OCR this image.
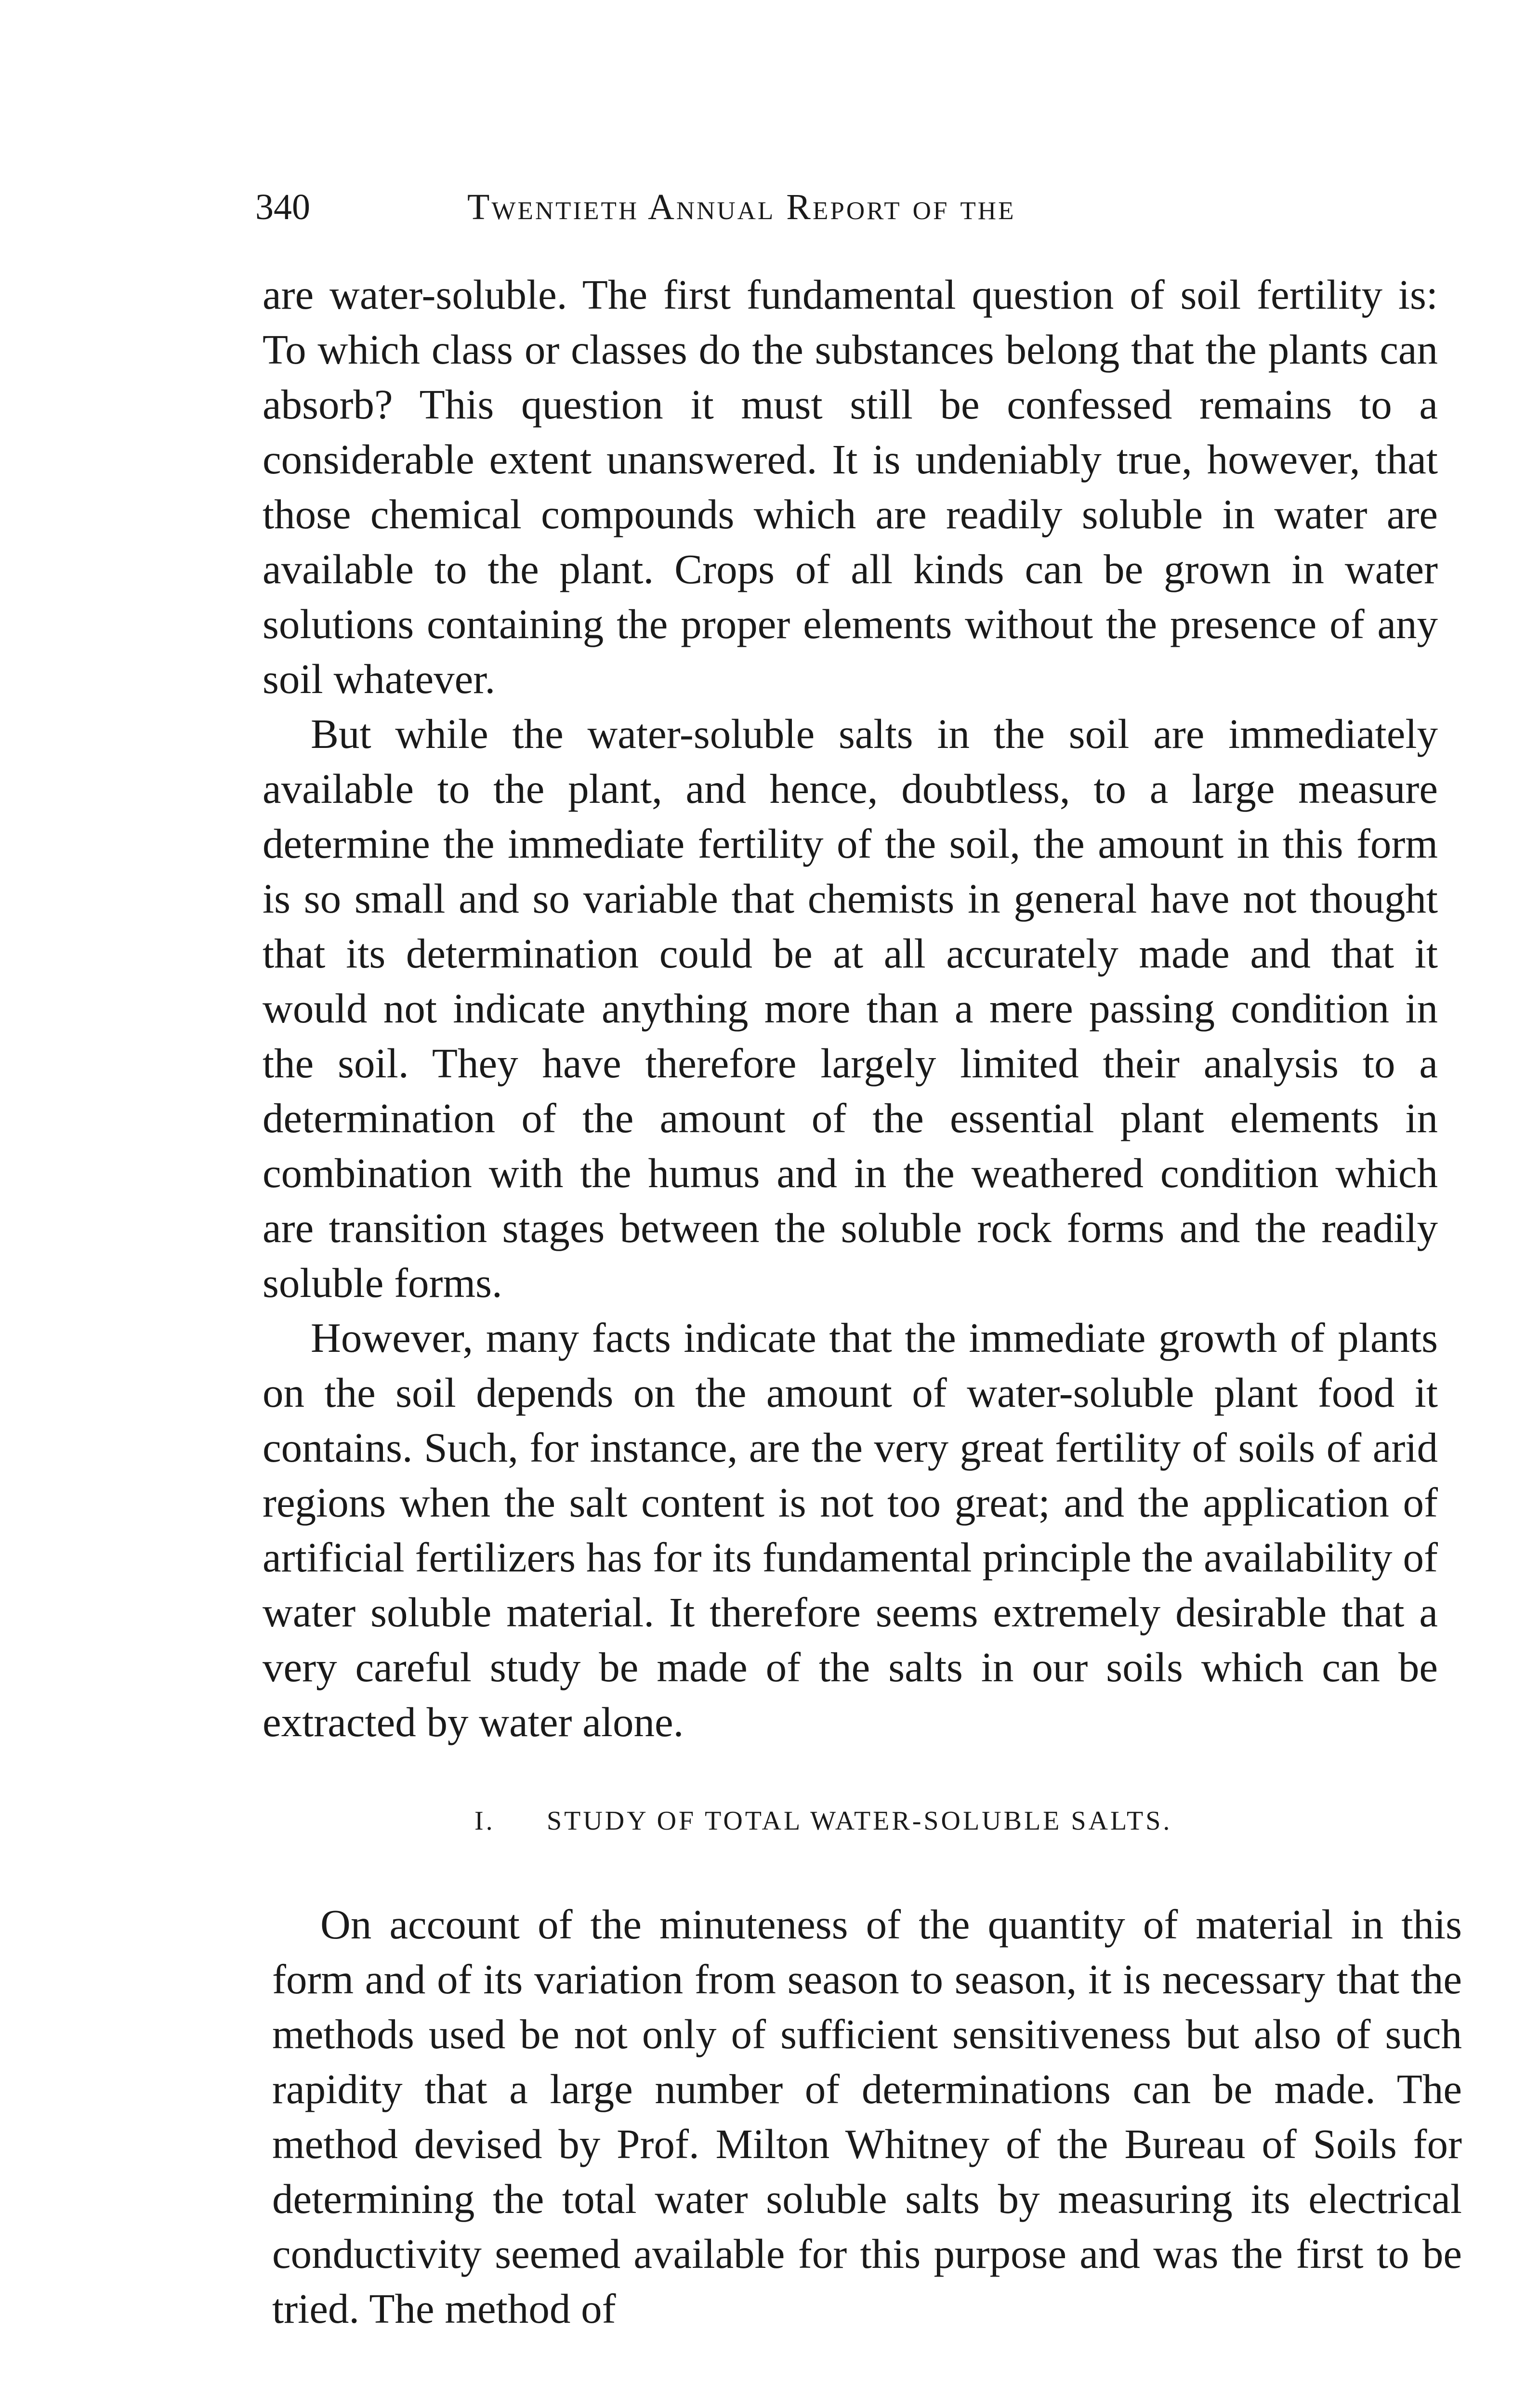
340	Twentieth Annual Report of the

are water-soluble. The first fundamental question of soil fertility is: To which class or classes do the substances belong that the plants can absorb? This question it must still be confessed remains to a considerable extent unanswered. It is undeniably true, however, that those chemical compounds which are readily soluble in water are available to the plant. Crops of all kinds can be grown in water solutions containing the proper elements without the presence of any soil whatever.

But while the water-soluble salts in the soil are immediately available to the plant, and hence, doubtless, to a large measure determine the immediate fertility of the soil, the amount in this form is so small and so variable that chemists in general have not thought that its determination could be at all accurately made and that it would not indicate anything more than a mere passing condition in the soil. They have therefore largely limited their analysis to a determination of the amount of the essential plant elements in combination with the humus and in the weathered condition which are transition stages between the soluble rock forms and the readily soluble forms.

However, many facts indicate that the immediate growth of plants on the soil depends on the amount of water-soluble plant food it contains. Such, for instance, are the very great fertility of soils of arid regions when the salt content is not too great; and the application of artificial fertilizers has for its fundamental principle the availability of water soluble material. It therefore seems extremely desirable that a very careful study be made of the salts in our soils which can be extracted by water alone.

I. STUDY OF TOTAL WATER-SOLUBLE SALTS.

On account of the minuteness of the quantity of material in this form and of its variation from season to season, it is necessary that the methods used be not only of sufficient sensitiveness but also of such rapidity that a large number of determinations can be made. The method devised by Prof. Milton Whitney of the Bureau of Soils for determining the total water soluble salts by measuring its electrical conductivity seemed available for this purpose and was the first to be tried. The method of
